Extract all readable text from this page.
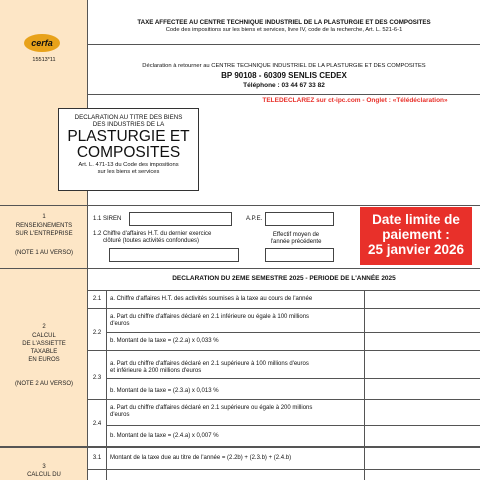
cerfa
15513*11
TAXE AFFECTEE AU CENTRE TECHNIQUE INDUSTRIEL DE LA PLASTURGIE ET DES COMPOSITES
Code des impositions sur les biens et services, livre IV, code de la recherche, Art. L. 521-6-1
Déclaration à retourner au CENTRE TECHNIQUE INDUSTRIEL DE LA PLASTURGIE ET DES COMPOSITES
BP 90108 - 60309 SENLIS CEDEX
Téléphone : 03 44 67 33 82
TELEDECLAREZ sur ct-ipc.com - Onglet : «Télédéclaration»
DECLARATION AU TITRE DES BIENS
DES INDUSTRIES DE LA
PLASTURGIE ET
COMPOSITES
Art. L. 471-13 du Code des impositions
sur les biens et services
1
RENSEIGNEMENTS
SUR L'ENTREPRISE
(NOTE 1 AU VERSO)
1.1 SIREN	A.P.E.
1.2 Chiffre d'affaires H.T. du dernier exercice
clôturé (toutes activités confondues)
Effectif moyen de
l'année précédente
Date limite de
paiement :
25 janvier 2026
DECLARATION DU 2EME SEMESTRE 2025 - PERIODE DE L'ANNÉE 2025
2
CALCUL
DE L'ASSIETTE
TAXABLE
EN EUROS
(NOTE 2 AU VERSO)
2.1	a. Chiffre d'affaires H.T. des activités soumises à la taxe au cours de l'année
2.2
a. Part du chiffre d'affaires déclaré en 2.1 inférieure ou égale à 100 millions
d'euros
b. Montant de la taxe = (2.2.a) x 0,033 %
2.3
a. Part du chiffre d'affaires déclaré en 2.1 supérieure à 100 millions d'euros
et inférieure à 200 millions d'euros
b. Montant de la taxe = (2.3.a) x 0,013 %
2.4
a. Part du chiffre d'affaires déclaré en 2.1 supérieure ou égale à 200 millions
d'euros
b. Montant de la taxe = (2.4.a) x 0,007 %
3
CALCUL DU
3.1	Montant de la taxe due au titre de l'année = (2.2b) + (2.3.b) + (2.4.b)
